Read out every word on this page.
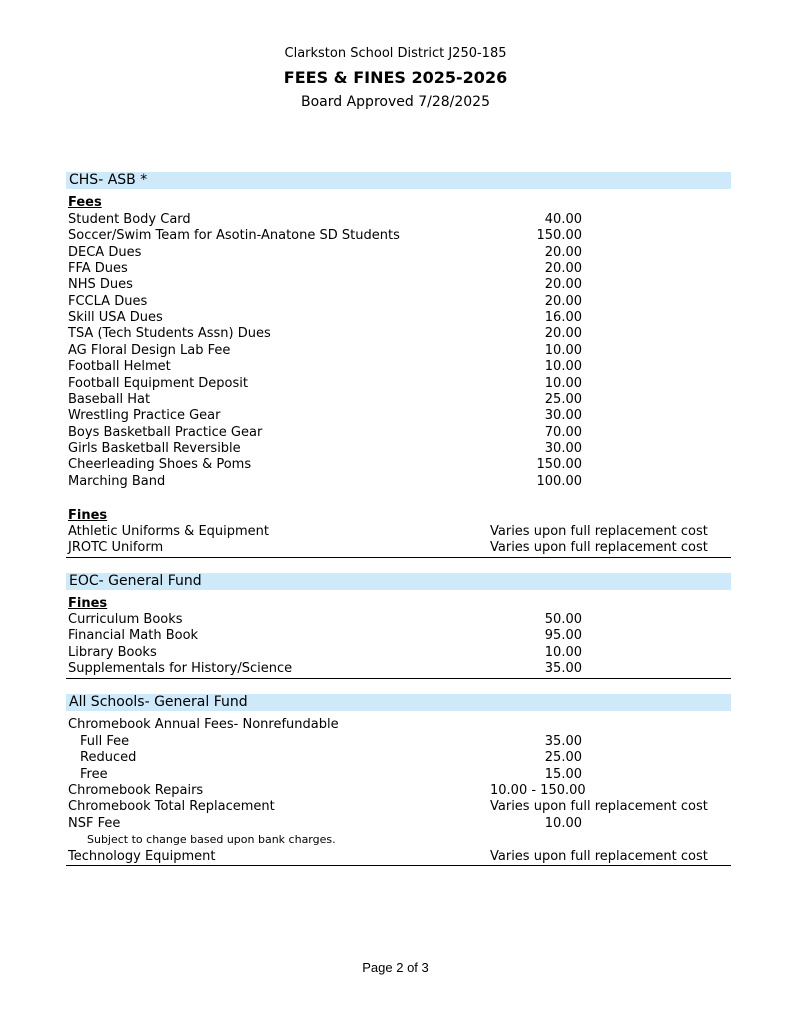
Clarkston School District J250-185
FEES & FINES 2025-2026
Board Approved 7/28/2025
CHS- ASB *
Fees
Student Body Card	40.00
Soccer/Swim Team for Asotin-Anatone SD Students	150.00
DECA Dues	20.00
FFA Dues	20.00
NHS Dues	20.00
FCCLA Dues	20.00
Skill USA Dues	16.00
TSA (Tech Students Assn) Dues	20.00
AG Floral Design Lab Fee	10.00
Football Helmet	10.00
Football Equipment Deposit	10.00
Baseball Hat	25.00
Wrestling Practice Gear	30.00
Boys Basketball Practice Gear	70.00
Girls Basketball Reversible	30.00
Cheerleading Shoes & Poms	150.00
Marching Band	100.00
Fines
Athletic Uniforms & Equipment	Varies upon full replacement cost
JROTC Uniform	Varies upon full replacement cost
EOC- General Fund
Fines
Curriculum Books	50.00
Financial Math Book	95.00
Library Books	10.00
Supplementals for History/Science	35.00
All Schools- General Fund
Chromebook Annual Fees- Nonrefundable
Full Fee	35.00
Reduced	25.00
Free	15.00
Chromebook Repairs	10.00 - 150.00
Chromebook Total Replacement	Varies upon full replacement cost
NSF Fee	10.00
Subject to change based upon bank charges.
Technology Equipment	Varies upon full replacement cost
Page 2 of 3
